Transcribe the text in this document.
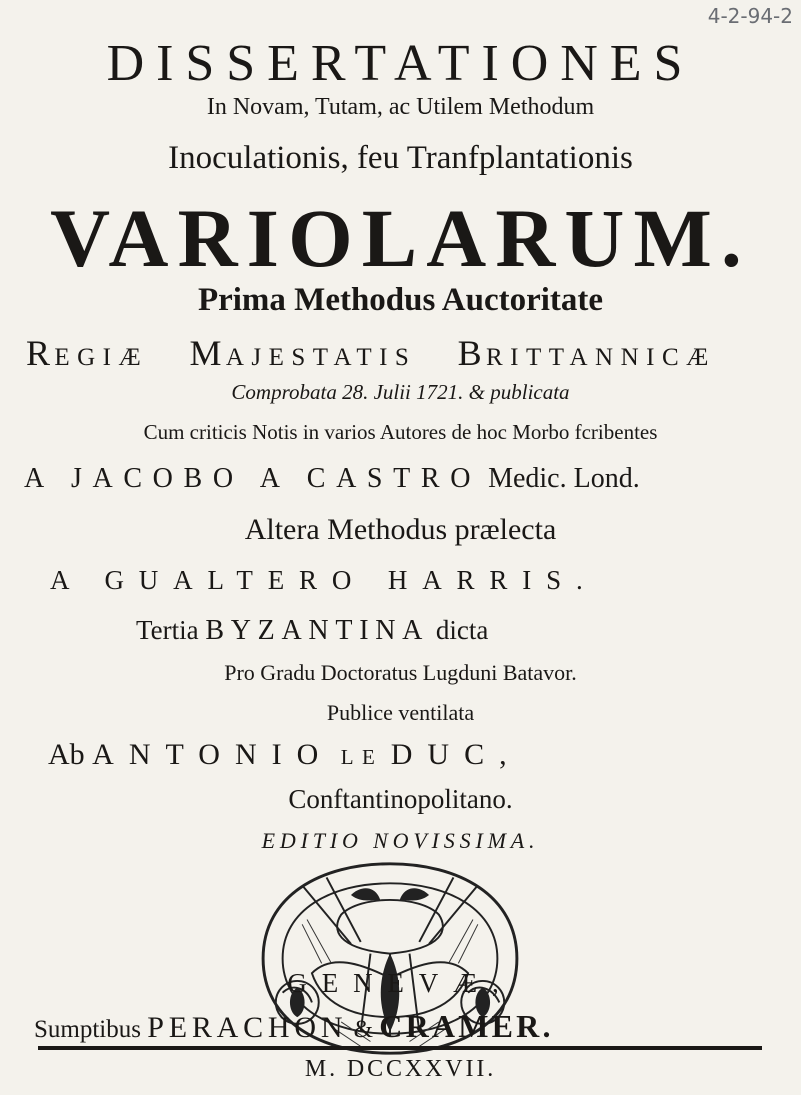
4-2-94-2
DISSERTATIONES
In Novam, Tutam, ac Utilem Methodum
Inoculationis, feu Tranfplantationis
VARIOLARUM.
Prima Methodus Auctoritate
REGIÆ MAJESTATIS BRITTANNICÆ
Comprobata 28. Julii 1721. & publicata
Cum criticis Notis in varios Autores de hoc Morbo fcribentes
A JACOBO A CASTRO Medic. Lond.
Altera Methodus prælecta
A GUALTERO HARRIS.
Tertia BYZANTINA dicta
Pro Gradu Doctoratus Lugduni Batavor.
Publice ventilata
Ab ANTONIO LE DUC,
Conftantinopolitano.
EDITIO NOVISSIMA.
GENEVÆ,
Sumptibus PERACHON & CRAMER.
M. DCCXXVII.
